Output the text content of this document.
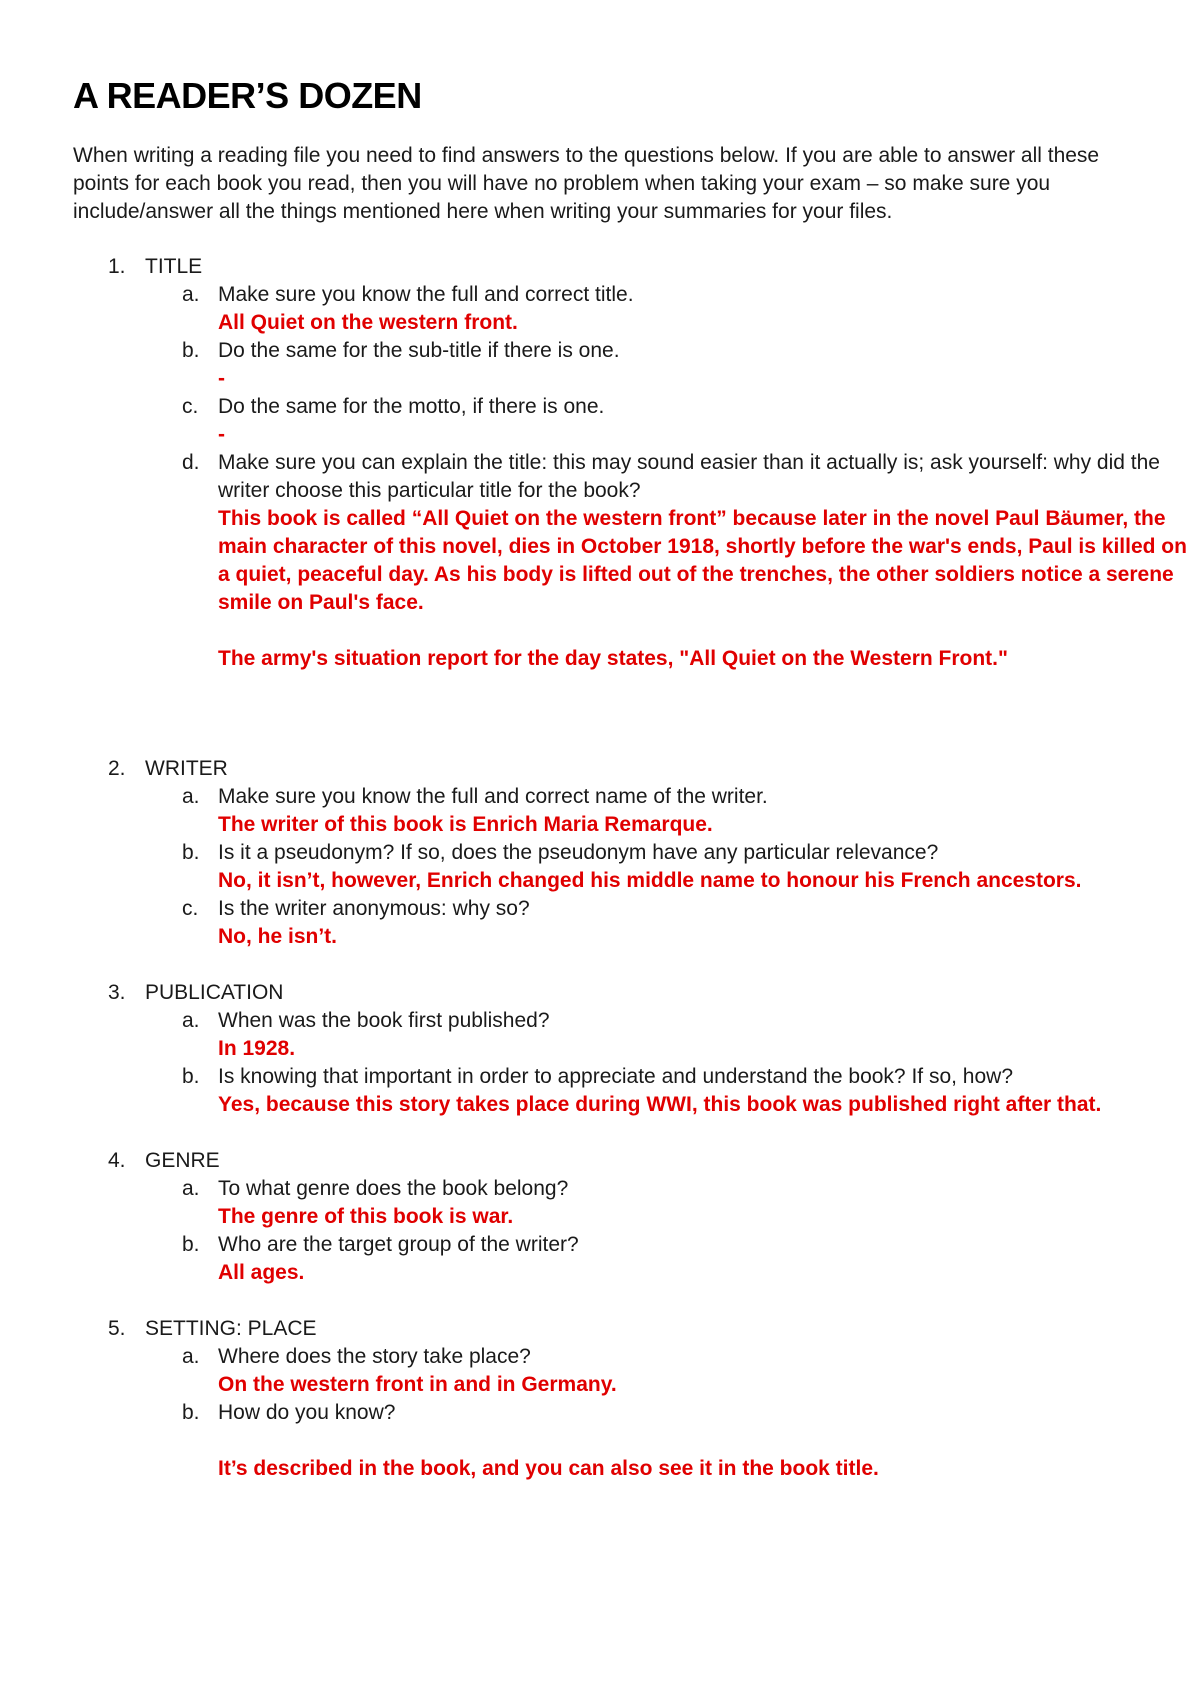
A READER’S DOZEN

When writing a reading file you need to find answers to the questions below. If you are able to answer all these points for each book you read, then you will have no problem when taking your exam – so make sure you include/answer all the things mentioned here when writing your summaries for your files.

1. TITLE
a. Make sure you know the full and correct title.
All Quiet on the western front.
b. Do the same for the sub-title if there is one.
-
c. Do the same for the motto, if there is one.
-
d. Make sure you can explain the title: this may sound easier than it actually is; ask yourself: why did the writer choose this particular title for the book?
This book is called “All Quiet on the western front” because later in the novel Paul Bäumer, the main character of this novel, dies in October 1918, shortly before the war's ends, Paul is killed on a quiet, peaceful day. As his body is lifted out of the trenches, the other soldiers notice a serene smile on Paul's face.
The army's situation report for the day states, "All Quiet on the Western Front."
2. WRITER
a. Make sure you know the full and correct name of the writer.
The writer of this book is Enrich Maria Remarque.
b. Is it a pseudonym? If so, does the pseudonym have any particular relevance?
No, it isn’t, however, Enrich changed his middle name to honour his French ancestors.
c. Is the writer anonymous: why so?
No, he isn’t.
3. PUBLICATION
a. When was the book first published?
In 1928.
b. Is knowing that important in order to appreciate and understand the book? If so, how?
Yes, because this story takes place during WWI, this book was published right after that.
4. GENRE
a. To what genre does the book belong?
The genre of this book is war.
b. Who are the target group of the writer?
All ages.
5. SETTING: PLACE
a. Where does the story take place?
On the western front in and in Germany.
b. How do you know?
It’s described in the book, and you can also see it in the book title.
